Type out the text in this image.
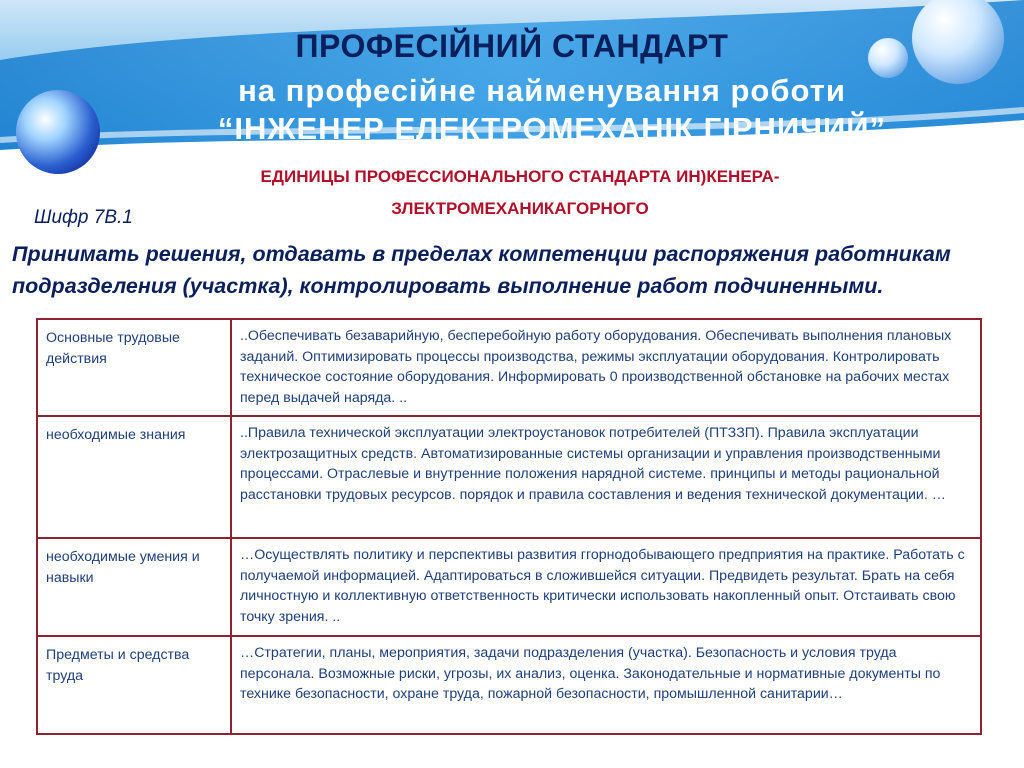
ПРОФЕСІЙНИЙ СТАНДАРТ
на професійне найменування роботи
“ІНЖЕНЕР ЕЛЕКТРОМЕХАНІК ГІРНИЧИЙ”
ЕДИНИЦЫ ПРОФЕССИОНАЛЬНОГО СТАНДАРТА ИН)КЕНЕРА-
ЗЛЕКТРОМЕХАНИКАГОРНОГО
Шифр 7В.1
Принимать решения, отдавать в пределах компетенции распоряжения работникам
подразделения (участка), контролировать выполнение работ подчиненными.
Основные трудовые действия	..Обеспечивать безаварийную, бесперебойную работу оборудования. Обеспечивать выполнения плановых заданий. Оптимизировать процессы производства, режимы эксплуатации оборудования. Контролировать техническое состояние оборудования. Информировать 0 производственной обстановке на рабочих местах перед выдачей наряда. ..
необходимые знания	..Правила технической эксплуатации электроустановок потребителей (ПТЗЗП). Правила эксплуатации электрозащитных средств. Автоматизированные системы организации и управления производственными процессами. Отраслевые и внутренние положения нарядной системе. принципы и методы рациональной расстановки трудовых ресурсов. порядок и правила составления и ведения технической документации. …
необходимые умения и навыки	…Осуществлять политику и перспективы развития ггорнодобывающего предприятия на практике. Работать с получаемой информацией. Адаптироваться в сложившейся ситуации. Предвидеть результат. Брать на себя личностную и коллективную ответственность критически использовать накопленный опыт. Отстаивать свою точку зрения. ..
Предметы и средства труда	…Стратегии, планы, мероприятия, задачи подразделения (участка). Безопасность и условия труда персонала. Возможные риски, угрозы, их анализ, оценка. Законодательные и нормативные документы по технике безопасности, охране труда, пожарной безопасности, промышленной санитарии…
